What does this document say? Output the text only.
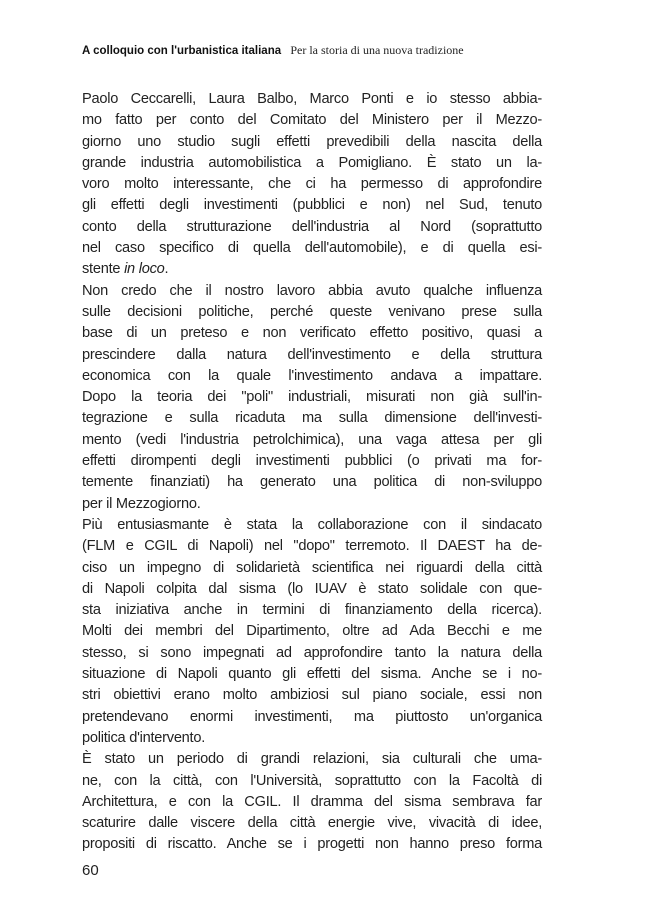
A colloquio con l'urbanistica italiana Per la storia di una nuova tradizione
Paolo Ceccarelli, Laura Balbo, Marco Ponti e io stesso abbia-
mo fatto per conto del Comitato del Ministero per il Mezzo-
giorno uno studio sugli effetti prevedibili della nascita della
grande industria automobilistica a Pomigliano. È stato un la-
voro molto interessante, che ci ha permesso di approfondire
gli effetti degli investimenti (pubblici e non) nel Sud, tenuto
conto della strutturazione dell'industria al Nord (soprattutto
nel caso specifico di quella dell'automobile), e di quella esi-
stente in loco.
Non credo che il nostro lavoro abbia avuto qualche influenza
sulle decisioni politiche, perché queste venivano prese sulla
base di un preteso e non verificato effetto positivo, quasi a
prescindere dalla natura dell'investimento e della struttura
economica con la quale l'investimento andava a impattare.
Dopo la teoria dei "poli" industriali, misurati non già sull'in-
tegrazione e sulla ricaduta ma sulla dimensione dell'investi-
mento (vedi l'industria petrolchimica), una vaga attesa per gli
effetti dirompenti degli investimenti pubblici (o privati ma for-
temente finanziati) ha generato una politica di non-sviluppo
per il Mezzogiorno.
Più entusiasmante è stata la collaborazione con il sindacato
(FLM e CGIL di Napoli) nel "dopo" terremoto. Il DAEST ha de-
ciso un impegno di solidarietà scientifica nei riguardi della città
di Napoli colpita dal sisma (lo IUAV è stato solidale con que-
sta iniziativa anche in termini di finanziamento della ricerca).
Molti dei membri del Dipartimento, oltre ad Ada Becchi e me
stesso, si sono impegnati ad approfondire tanto la natura della
situazione di Napoli quanto gli effetti del sisma. Anche se i no-
stri obiettivi erano molto ambiziosi sul piano sociale, essi non
pretendevano enormi investimenti, ma piuttosto un'organica
politica d'intervento.
È stato un periodo di grandi relazioni, sia culturali che uma-
ne, con la città, con l'Università, soprattutto con la Facoltà di
Architettura, e con la CGIL. Il dramma del sisma sembrava far
scaturire dalle viscere della città energie vive, vivacità di idee,
propositi di riscatto. Anche se i progetti non hanno preso forma
60
